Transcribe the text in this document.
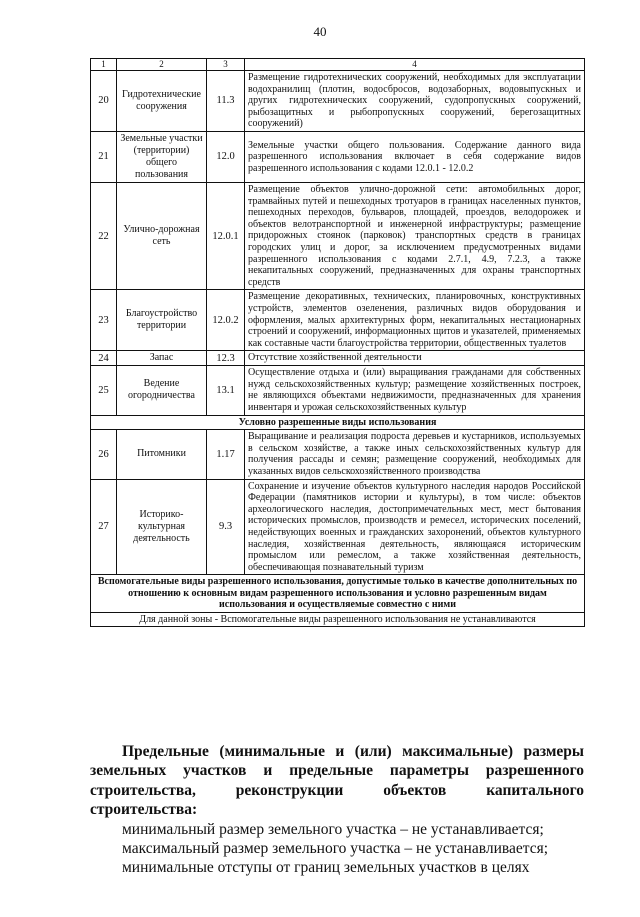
40
1	2	3	4
20	Гидротехнические сооружения	11.3	Размещение гидротехнических сооружений, необходимых для эксплуатации водохранилищ (плотин, водосбросов, водозаборных, водовыпускных и других гидротехнических сооружений, судопропускных сооружений, рыбозащитных и рыбопропускных сооружений, берегозащитных сооружений)
21	Земельные участки (территории) общего пользования	12.0	Земельные участки общего пользования. Содержание данного вида разрешенного использования включает в себя содержание видов разрешенного использования с кодами 12.0.1 - 12.0.2
22	Улично-дорожная сеть	12.0.1	Размещение объектов улично-дорожной сети: автомобильных дорог, трамвайных путей и пешеходных тротуаров в границах населенных пунктов, пешеходных переходов, бульваров, площадей, проездов, велодорожек и объектов велотранспортной и инженерной инфраструктуры; размещение придорожных стоянок (парковок) транспортных средств в границах городских улиц и дорог, за исключением предусмотренных видами разрешенного использования с кодами 2.7.1, 4.9, 7.2.3, а также некапитальных сооружений, предназначенных для охраны транспортных средств
23	Благоустройство территории	12.0.2	Размещение декоративных, технических, планировочных, конструктивных устройств, элементов озеленения, различных видов оборудования и оформления, малых архитектурных форм, некапитальных нестационарных строений и сооружений, информационных щитов и указателей, применяемых как составные части благоустройства территории, общественных туалетов
24	Запас	12.3	Отсутствие хозяйственной деятельности
25	Ведение огородничества	13.1	Осуществление отдыха и (или) выращивания гражданами для собственных нужд сельскохозяйственных культур; размещение хозяйственных построек, не являющихся объектами недвижимости, предназначенных для хранения инвентаря и урожая сельскохозяйственных культур
Условно разрешенные виды использования			
26	Питомники	1.17	Выращивание и реализация подроста деревьев и кустарников, используемых в сельском хозяйстве, а также иных сельскохозяйственных культур для получения рассады и семян; размещение сооружений, необходимых для указанных видов сельскохозяйственного производства
27	Историко-культурная деятельность	9.3	Сохранение и изучение объектов культурного наследия народов Российской Федерации (памятников истории и культуры), в том числе: объектов археологического наследия, достопримечательных мест, мест бытования исторических промыслов, производств и ремесел, исторических поселений, недействующих военных и гражданских захоронений, объектов культурного наследия, хозяйственная деятельность, являющаяся историческим промыслом или ремеслом, а также хозяйственная деятельность, обеспечивающая познавательный туризм
Вспомогательные виды разрешенного использования, допустимые только в качестве дополнительных по отношению к основным видам разрешенного использования и условно разрешенным видам использования и осуществляемые совместно с ними			
Для данной зоны - Вспомогательные виды разрешенного использования не устанавливаются			

Предельные (минимальные и (или) максимальные) размеры земельных участков и предельные параметры разрешенного строительства, реконструкции объектов капитального строительства:

минимальный размер земельного участка – не устанавливается;

максимальный размер земельного участка – не устанавливается;

минимальные отступы от границ земельных участков в целях
